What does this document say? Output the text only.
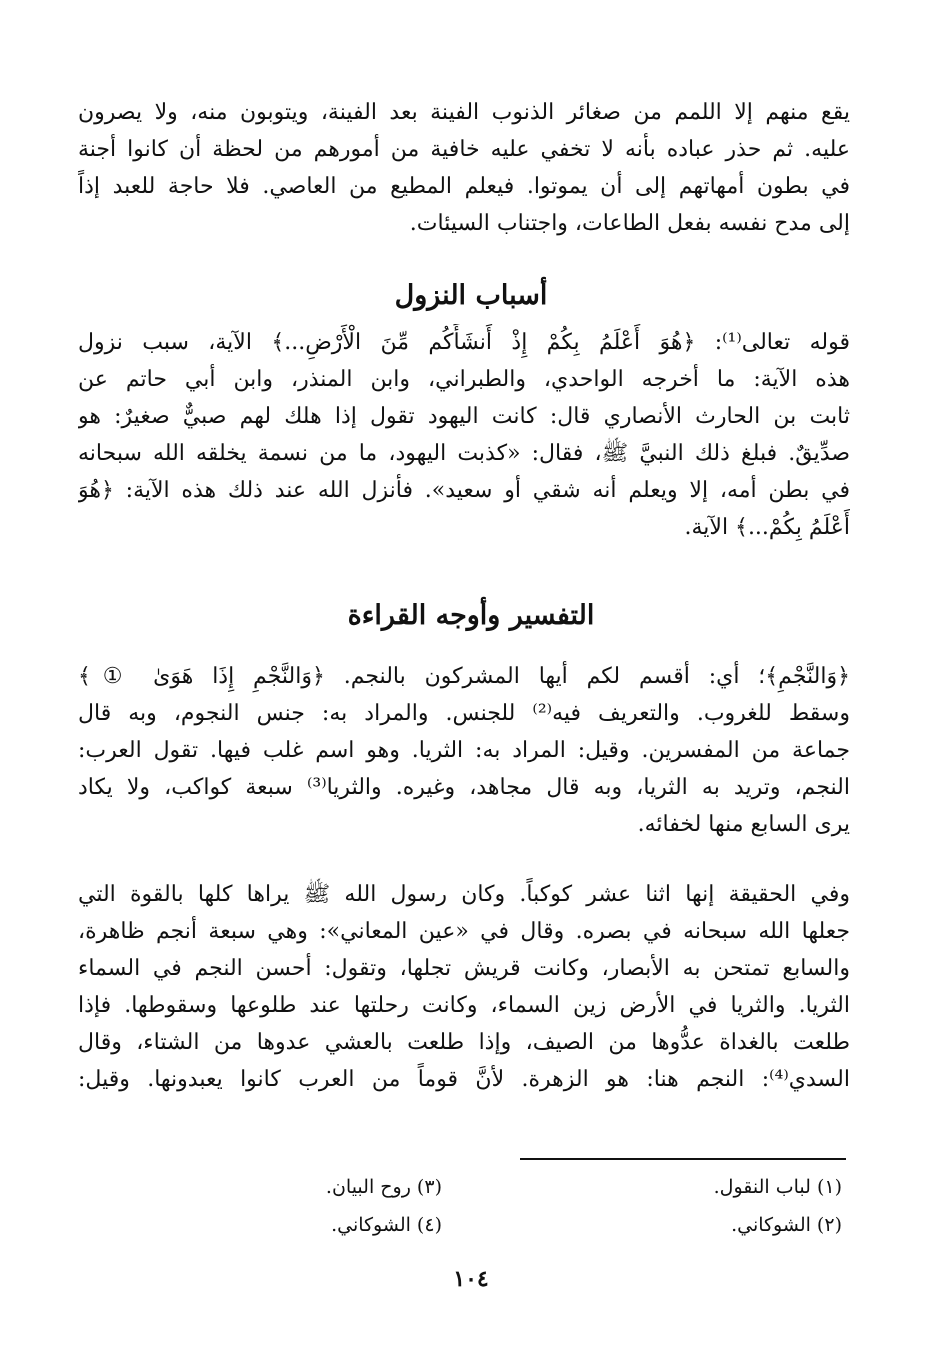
يقع منهم إلا اللمم من صغائر الذنوب الفينة بعد الفينة، ويتوبون منه، ولا يصرون
عليه. ثم حذر عباده بأنه لا تخفي عليه خافية من أمورهم من لحظة أن كانوا أجنة
في بطون أمهاتهم إلى أن يموتوا. فيعلم المطيع من العاصي. فلا حاجة للعبد إذاً
إلى مدح نفسه بفعل الطاعات، واجتناب السيئات.
أسباب النزول
قوله تعالى⁽¹⁾: ﴿هُوَ أَعْلَمُ بِكُمْ إِذْ أَنشَأَكُم مِّنَ الْأَرْضِ...﴾ الآية، سبب نزول
هذه الآية: ما أخرجه الواحدي، والطبراني، وابن المنذر، وابن أبي حاتم عن
ثابت بن الحارث الأنصاري قال: كانت اليهود تقول إذا هلك لهم صبيٌّ صغيرٌ: هو
صدِّيقٌ. فبلغ ذلك النبيَّ ﷺ، فقال: «كذبت اليهود، ما من نسمة يخلقه الله سبحانه
في بطن أمه، إلا ويعلم أنه شقي أو سعيد». فأنزل الله عند ذلك هذه الآية: ﴿هُوَ
أَعْلَمُ بِكُمْ...﴾ الآية.
التفسير وأوجه القراءة
﴿وَالنَّجْمِ﴾؛ أي: أقسم لكم أيها المشركون بالنجم. ﴿وَالنَّجْمِ إِذَا هَوَىٰ ①﴾
وسقط للغروب. والتعريف فيه⁽²⁾ للجنس. والمراد به: جنس النجوم، وبه قال
جماعة من المفسرين. وقيل: المراد به: الثريا. وهو اسم غلب فيها. تقول العرب:
النجم، وتريد به الثريا، وبه قال مجاهد، وغيره. والثريا⁽³⁾ سبعة كواكب، ولا يكاد
يرى السابع منها لخفائه.
وفي الحقيقة إنها اثنا عشر كوكباً. وكان رسول الله ﷺ يراها كلها بالقوة التي
جعلها الله سبحانه في بصره. وقال في «عين المعاني»: وهي سبعة أنجم ظاهرة،
والسابع تمتحن به الأبصار، وكانت قريش تجلها، وتقول: أحسن النجم في السماء
الثريا. والثريا في الأرض زين السماء، وكانت رحلتها عند طلوعها وسقوطها. فإذا
طلعت بالغداة عدُّوها من الصيف، وإذا طلعت بالعشي عدوها من الشتاء، وقال
السدي⁽⁴⁾: النجم هنا: هو الزهرة. لأنَّ قوماً من العرب كانوا يعبدونها. وقيل:
(١) لباب النقول.
(٢) الشوكاني.
(٣) روح البيان.
(٤) الشوكاني.
١٠٤
